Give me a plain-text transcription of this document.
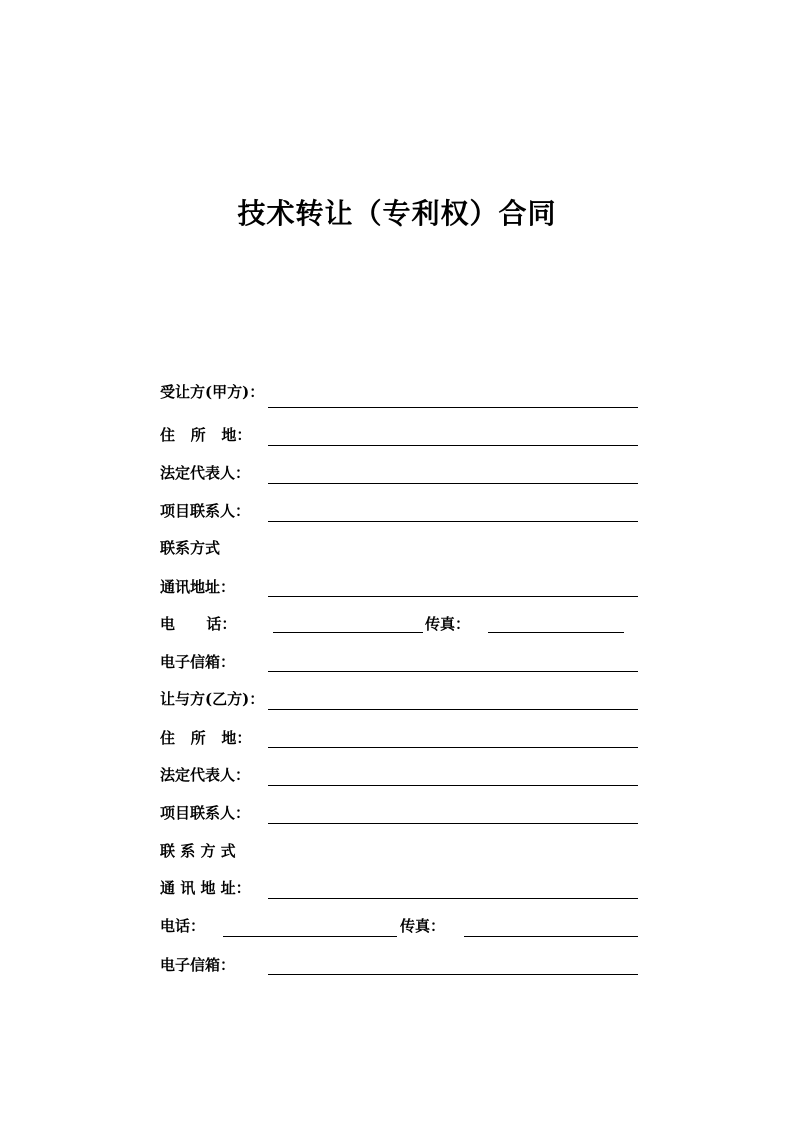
技术转让（专利权）合同
受让方(甲方)：
住   所   地：
法定代表人：
项目联系人：
联系方式
通讯地址：
电      话：	传真：
电子信箱：
让与方(乙方)：
住   所   地：
法定代表人：
项目联系人：
联 系 方 式
通 讯 地 址：
电话：	传真：
电子信箱：
